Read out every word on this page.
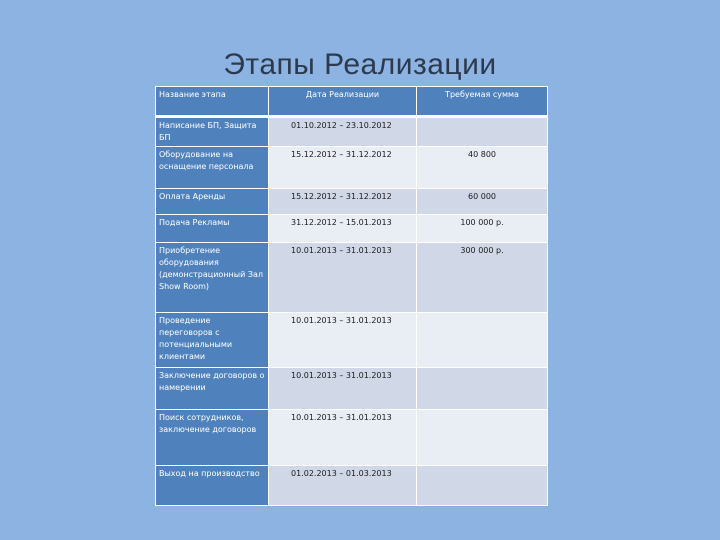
Этапы Реализации
Название этапа	Дата Реализации	Требуемая сумма
Написание БП, Защита БП	01.10.2012 – 23.10.2012	
Оборудование на оснащение персонала	15.12.2012 – 31.12.2012	40 800
Оплата Аренды	15.12.2012 – 31.12.2012	60 000
Подача Рекламы	31.12.2012 – 15.01.2013	100 000 р.
Приобретение оборудования (демонстрационный Зал Show Room)	10.01.2013 – 31.01.2013	300 000 р.
Проведение переговоров с потенциальными клиентами	10.01.2013 – 31.01.2013	
Заключение договоров о намерении	10.01.2013 – 31.01.2013	
Поиск сотрудников, заключение договоров	10.01.2013 – 31.01.2013	
Выход на производство	01.02.2013 – 01.03.2013	
